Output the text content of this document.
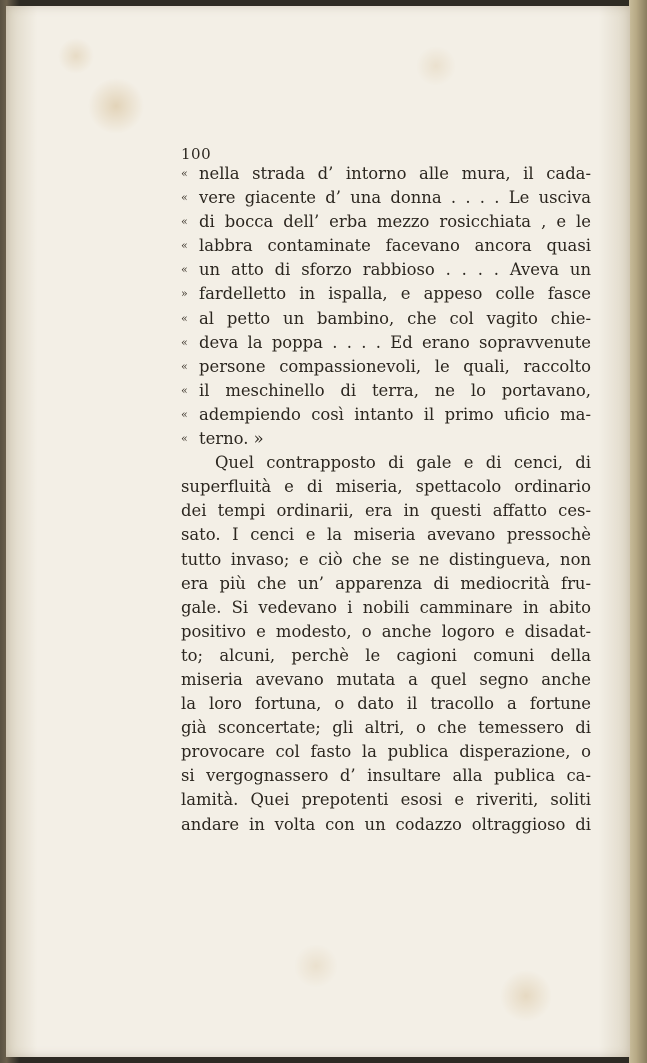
100
« nella strada d’ intorno alle mura, il cada-
« vere giacente d’ una donna . . . . Le usciva
« di bocca dell’ erba mezzo rosicchiata , e le
« labbra contaminate facevano ancora quasi
« un atto di sforzo rabbioso . . . . Aveva un
» fardelletto in ispalla, e appeso colle fasce
« al petto un bambino, che col vagito chie-
« deva la poppa . . . . Ed erano sopravvenute
« persone compassionevoli, le quali, raccolto
« il meschinello di terra, ne lo portavano,
« adempiendo così intanto il primo uficio ma-
« terno. »
Quel contrapposto di gale e di cenci, di
superfluità e di miseria, spettacolo ordinario
dei tempi ordinarii, era in questi affatto ces-
sato. I cenci e la miseria avevano pressochè
tutto invaso; e ciò che se ne distingueva, non
era più che un’ apparenza di mediocrità fru-
gale. Si vedevano i nobili camminare in abito
positivo e modesto, o anche logoro e disadat-
to; alcuni, perchè le cagioni comuni della
miseria avevano mutata a quel segno anche
la loro fortuna, o dato il tracollo a fortune
già sconcertate; gli altri, o che temessero di
provocare col fasto la publica disperazione, o
si vergognassero d’ insultare alla publica ca-
lamità. Quei prepotenti esosi e riveriti, soliti
andare in volta con un codazzo oltraggioso di
